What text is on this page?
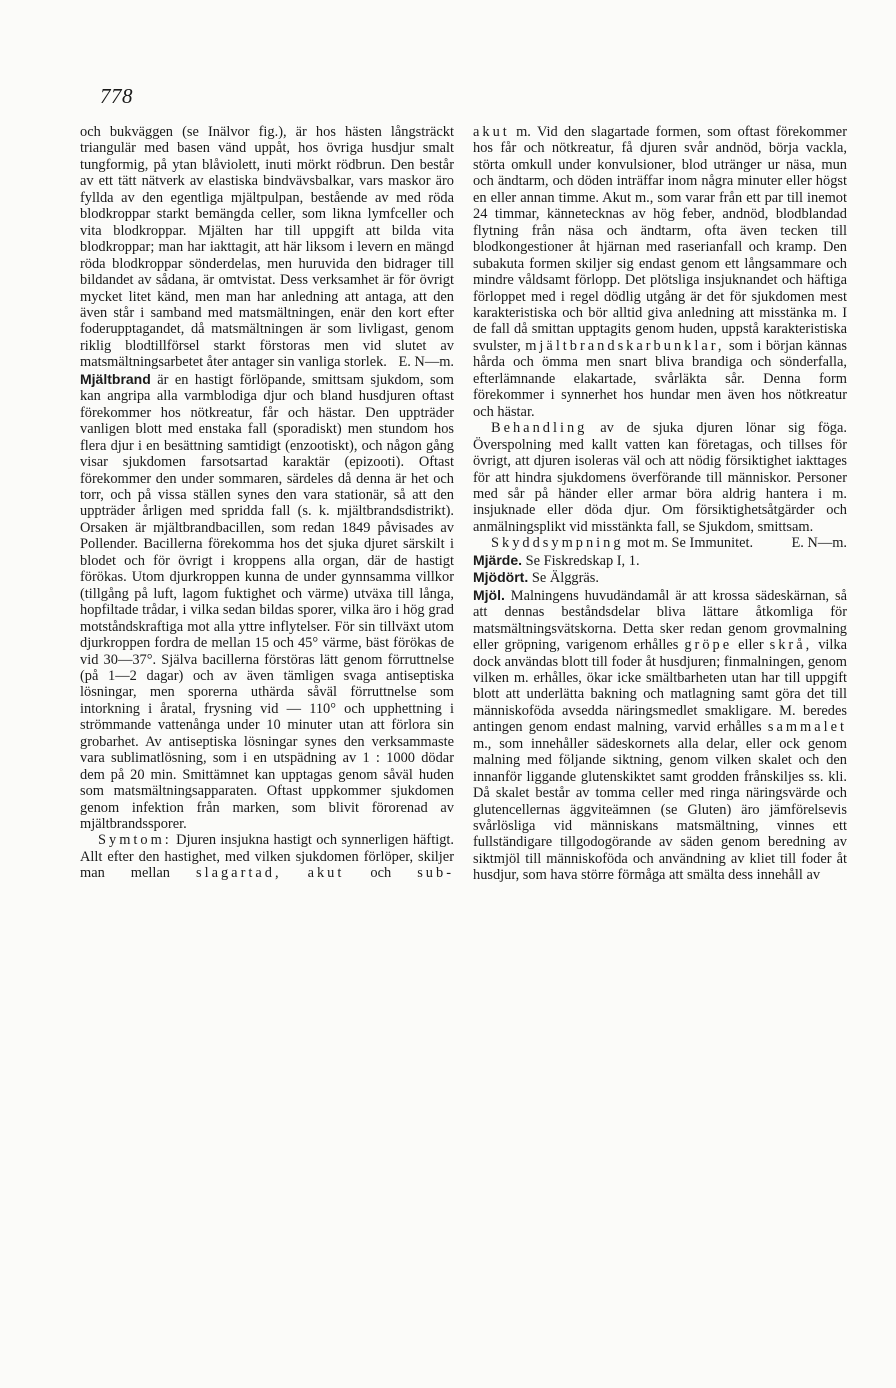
778

och bukväggen (se Inälvor fig.), är hos hästen långsträckt triangulär med basen vänd uppåt, hos övriga husdjur smalt tungformig, på ytan blåviolett, inuti mörkt rödbrun. Den består av ett tätt nätverk av elastiska bindvävsbalkar, vars maskor äro fyllda av den egentliga mjältpulpan, bestående av med röda blodkroppar starkt bemängda celler, som likna lymfceller och vita blodkroppar. Mjälten har till uppgift att bilda vita blodkroppar; man har iakttagit, att här liksom i levern en mängd röda blodkroppar sönderdelas, men huruvida den bidrager till bildandet av sådana, är omtvistat. Dess verksamhet är för övrigt mycket litet känd, men man har anledning att antaga, att den även står i samband med matsmältningen, enär den kort efter foderupptagandet, då matsmältningen är som livligast, genom riklig blodtillförsel starkt förstoras men vid slutet av matsmältningsarbetet åter antager sin vanliga storlek. E. N—m.

Mjältbrand är en hastigt förlöpande, smittsam sjukdom, som kan angripa alla varmblodiga djur och bland husdjuren oftast förekommer hos nötkreatur, får och hästar. Den uppträder vanligen blott med enstaka fall (sporadiskt) men stundom hos flera djur i en besättning samtidigt (enzootiskt), och någon gång visar sjukdomen farsotsartad karaktär (epizooti). Oftast förekommer den under sommaren, särdeles då denna är het och torr, och på vissa ställen synes den vara stationär, så att den uppträder årligen med spridda fall (s. k. mjältbrandsdistrikt). Orsaken är mjältbrandbacillen, som redan 1849 påvisades av Pollender. Bacillerna förekomma hos det sjuka djuret särskilt i blodet och för övrigt i kroppens alla organ, där de hastigt förökas. Utom djurkroppen kunna de under gynnsamma villkor (tillgång på luft, lagom fuktighet och värme) utväxa till långa, hopfiltade trådar, i vilka sedan bildas sporer, vilka äro i hög grad motståndskraftiga mot alla yttre inflytelser. För sin tillväxt utom djurkroppen fordra de mellan 15 och 45° värme, bäst förökas de vid 30—37°. Själva bacillerna förstöras lätt genom förruttnelse (på 1—2 dagar) och av även tämligen svaga antiseptiska lösningar, men sporerna uthärda såväl förruttnelse som intorkning i åratal, frysning vid — 110° och upphettning i strömmande vattenånga under 10 minuter utan att förlora sin grobarhet. Av antiseptiska lösningar synes den verksammaste vara sublimatlösning, som i en utspädning av 1 : 1000 dödar dem på 20 min. Smittämnet kan upptagas genom såväl huden som matsmältningsapparaten. Oftast uppkommer sjukdomen genom infektion från marken, som blivit förorenad av mjältbrandssporer.

Symtom: Djuren insjukna hastigt och synnerligen häftigt. Allt efter den hastighet, med vilken sjukdomen förlöper, skiljer man mellan slagartad, akut och sub-

akut m. Vid den slagartade formen, som oftast förekommer hos får och nötkreatur, få djuren svår andnöd, börja vackla, störta omkull under konvulsioner, blod utränger ur näsa, mun och ändtarm, och döden inträffar inom några minuter eller högst en eller annan timme. Akut m., som varar från ett par till inemot 24 timmar, kännetecknas av hög feber, andnöd, blodblandad flytning från näsa och ändtarm, ofta även tecken till blodkongestioner åt hjärnan med raserianfall och kramp. Den subakuta formen skiljer sig endast genom ett långsammare och mindre våldsamt förlopp. Det plötsliga insjuknandet och häftiga förloppet med i regel dödlig utgång är det för sjukdomen mest karakteristiska och bör alltid giva anledning att misstänka m. I de fall då smittan upptagits genom huden, uppstå karakteristiska svulster, mjältbrandskarbunklar, som i början kännas hårda och ömma men snart bliva brandiga och sönderfalla, efterlämnande elakartade, svårläkta sår. Denna form förekommer i synnerhet hos hundar men även hos nötkreatur och hästar.

Behandling av de sjuka djuren lönar sig föga. Överspolning med kallt vatten kan företagas, och tillses för övrigt, att djuren isoleras väl och att nödig försiktighet iakttages för att hindra sjukdomens överförande till människor. Personer med sår på händer eller armar böra aldrig hantera i m. insjuknade eller döda djur. Om försiktighetsåtgärder och anmälningsplikt vid misstänkta fall, se Sjukdom, smittsam.

Skyddsympning mot m. Se Immunitet.	E. N—m.

Mjärde. Se Fiskredskap I, 1.

Mjödört. Se Älggräs.

Mjöl. Malningens huvudändamål är att krossa sädeskärnan, så att dennas beståndsdelar bliva lättare åtkomliga för matsmältningsvätskorna. Detta sker redan genom grovmalning eller gröpning, varigenom erhålles gröpe eller skrå, vilka dock användas blott till foder åt husdjuren; finmalningen, genom vilken m. erhålles, ökar icke smältbarheten utan har till uppgift blott att underlätta bakning och matlagning samt göra det till människoföda avsedda näringsmedlet smakligare. M. beredes antingen genom endast malning, varvid erhålles sammalet m., som innehåller sädeskornets alla delar, eller ock genom malning med följande siktning, genom vilken skalet och den innanför liggande glutenskiktet samt grodden frånskiljes ss. kli. Då skalet består av tomma celler med ringa näringsvärde och glutencellernas äggviteämnen (se Gluten) äro jämförelsevis svårlösliga vid människans matsmältning, vinnes ett fullständigare tillgodogörande av säden genom beredning av siktmjöl till människoföda och användning av kliet till foder åt husdjur, som hava större förmåga att smälta dess innehåll av
